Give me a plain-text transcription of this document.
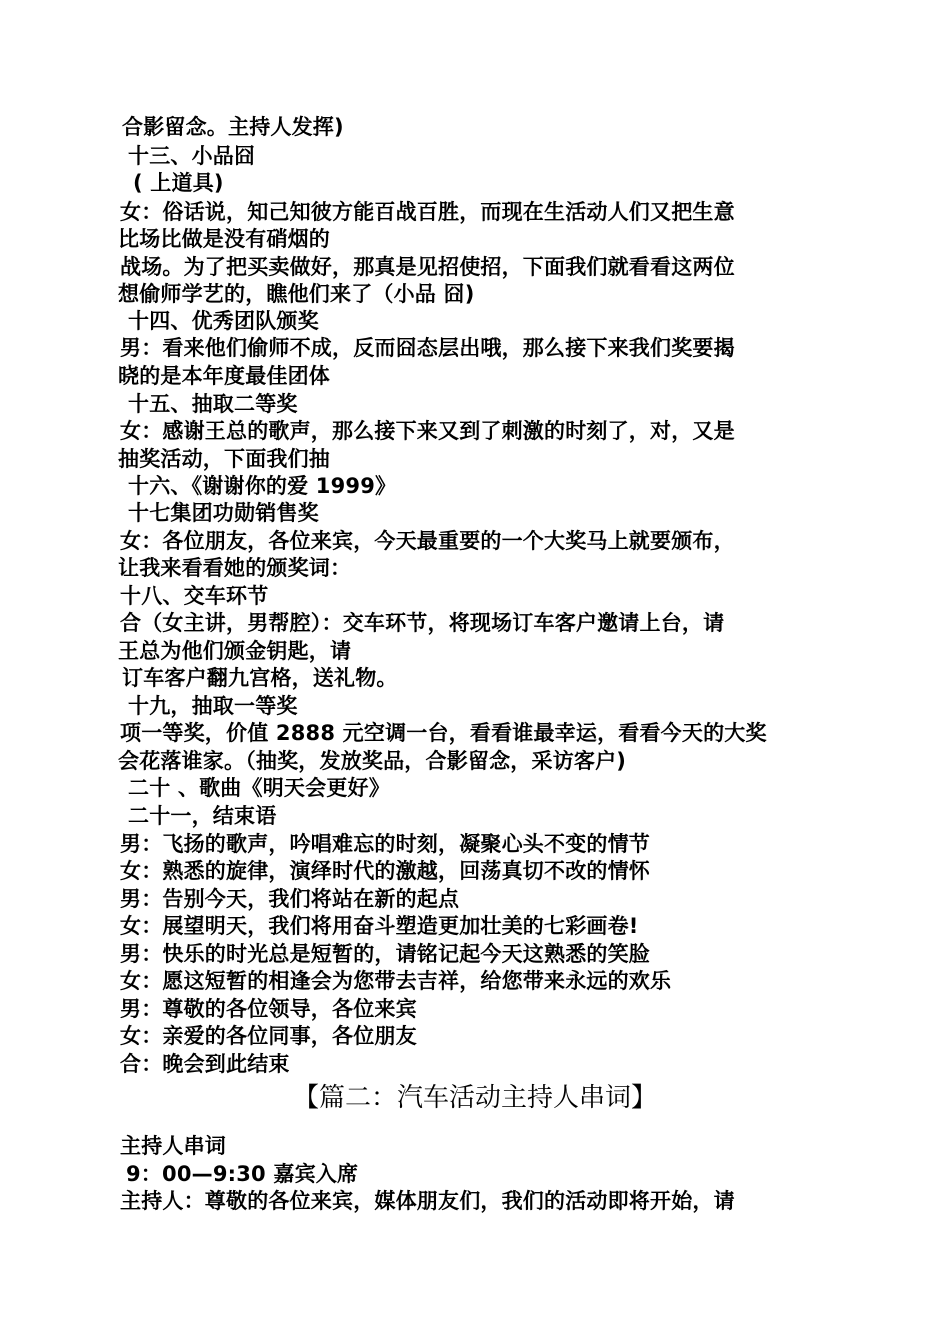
合影留念。主持人发挥)
十三、小品囧
( 上道具)
女：俗话说，知己知彼方能百战百胜，而现在生活动人们又把生意
比场比做是没有硝烟的
战场。为了把买卖做好，那真是见招使招，下面我们就看看这两位
想偷师学艺的，瞧他们来了（小品 囧)
十四、优秀团队颁奖
男：看来他们偷师不成，反而囧态层出哦，那么接下来我们奖要揭
晓的是本年度最佳团体
十五、抽取二等奖
女：感谢王总的歌声，那么接下来又到了刺激的时刻了，对，又是
抽奖活动，下面我们抽
十六、《谢谢你的爱 1999》
十七集团功勋销售奖
女：各位朋友，各位来宾，今天最重要的一个大奖马上就要颁布，
让我来看看她的颁奖词：
十八、交车环节
合（女主讲，男帮腔）：交车环节，将现场订车客户邀请上台，请
王总为他们颁金钥匙，请
订车客户翻九宫格，送礼物。
十九，抽取一等奖
项一等奖，价值 2888 元空调一台，看看谁最幸运，看看今天的大奖
会花落谁家。（抽奖，发放奖品，合影留念，采访客户)
二十 、歌曲《明天会更好》
二十一，结束语
男：飞扬的歌声，吟唱难忘的时刻，凝聚心头不变的情节
女：熟悉的旋律，演绎时代的激越，回荡真切不改的情怀
男：告别今天，我们将站在新的起点
女：展望明天，我们将用奋斗塑造更加壮美的七彩画卷!
男：快乐的时光总是短暂的，请铭记起今天这熟悉的笑脸
女：愿这短暂的相逢会为您带去吉祥，给您带来永远的欢乐
男：尊敬的各位领导，各位来宾
女：亲爱的各位同事，各位朋友
合：晚会到此结束
【篇二：汽车活动主持人串词】
主持人串词
9：00—9:30 嘉宾入席
主持人：尊敬的各位来宾，媒体朋友们，我们的活动即将开始，请
